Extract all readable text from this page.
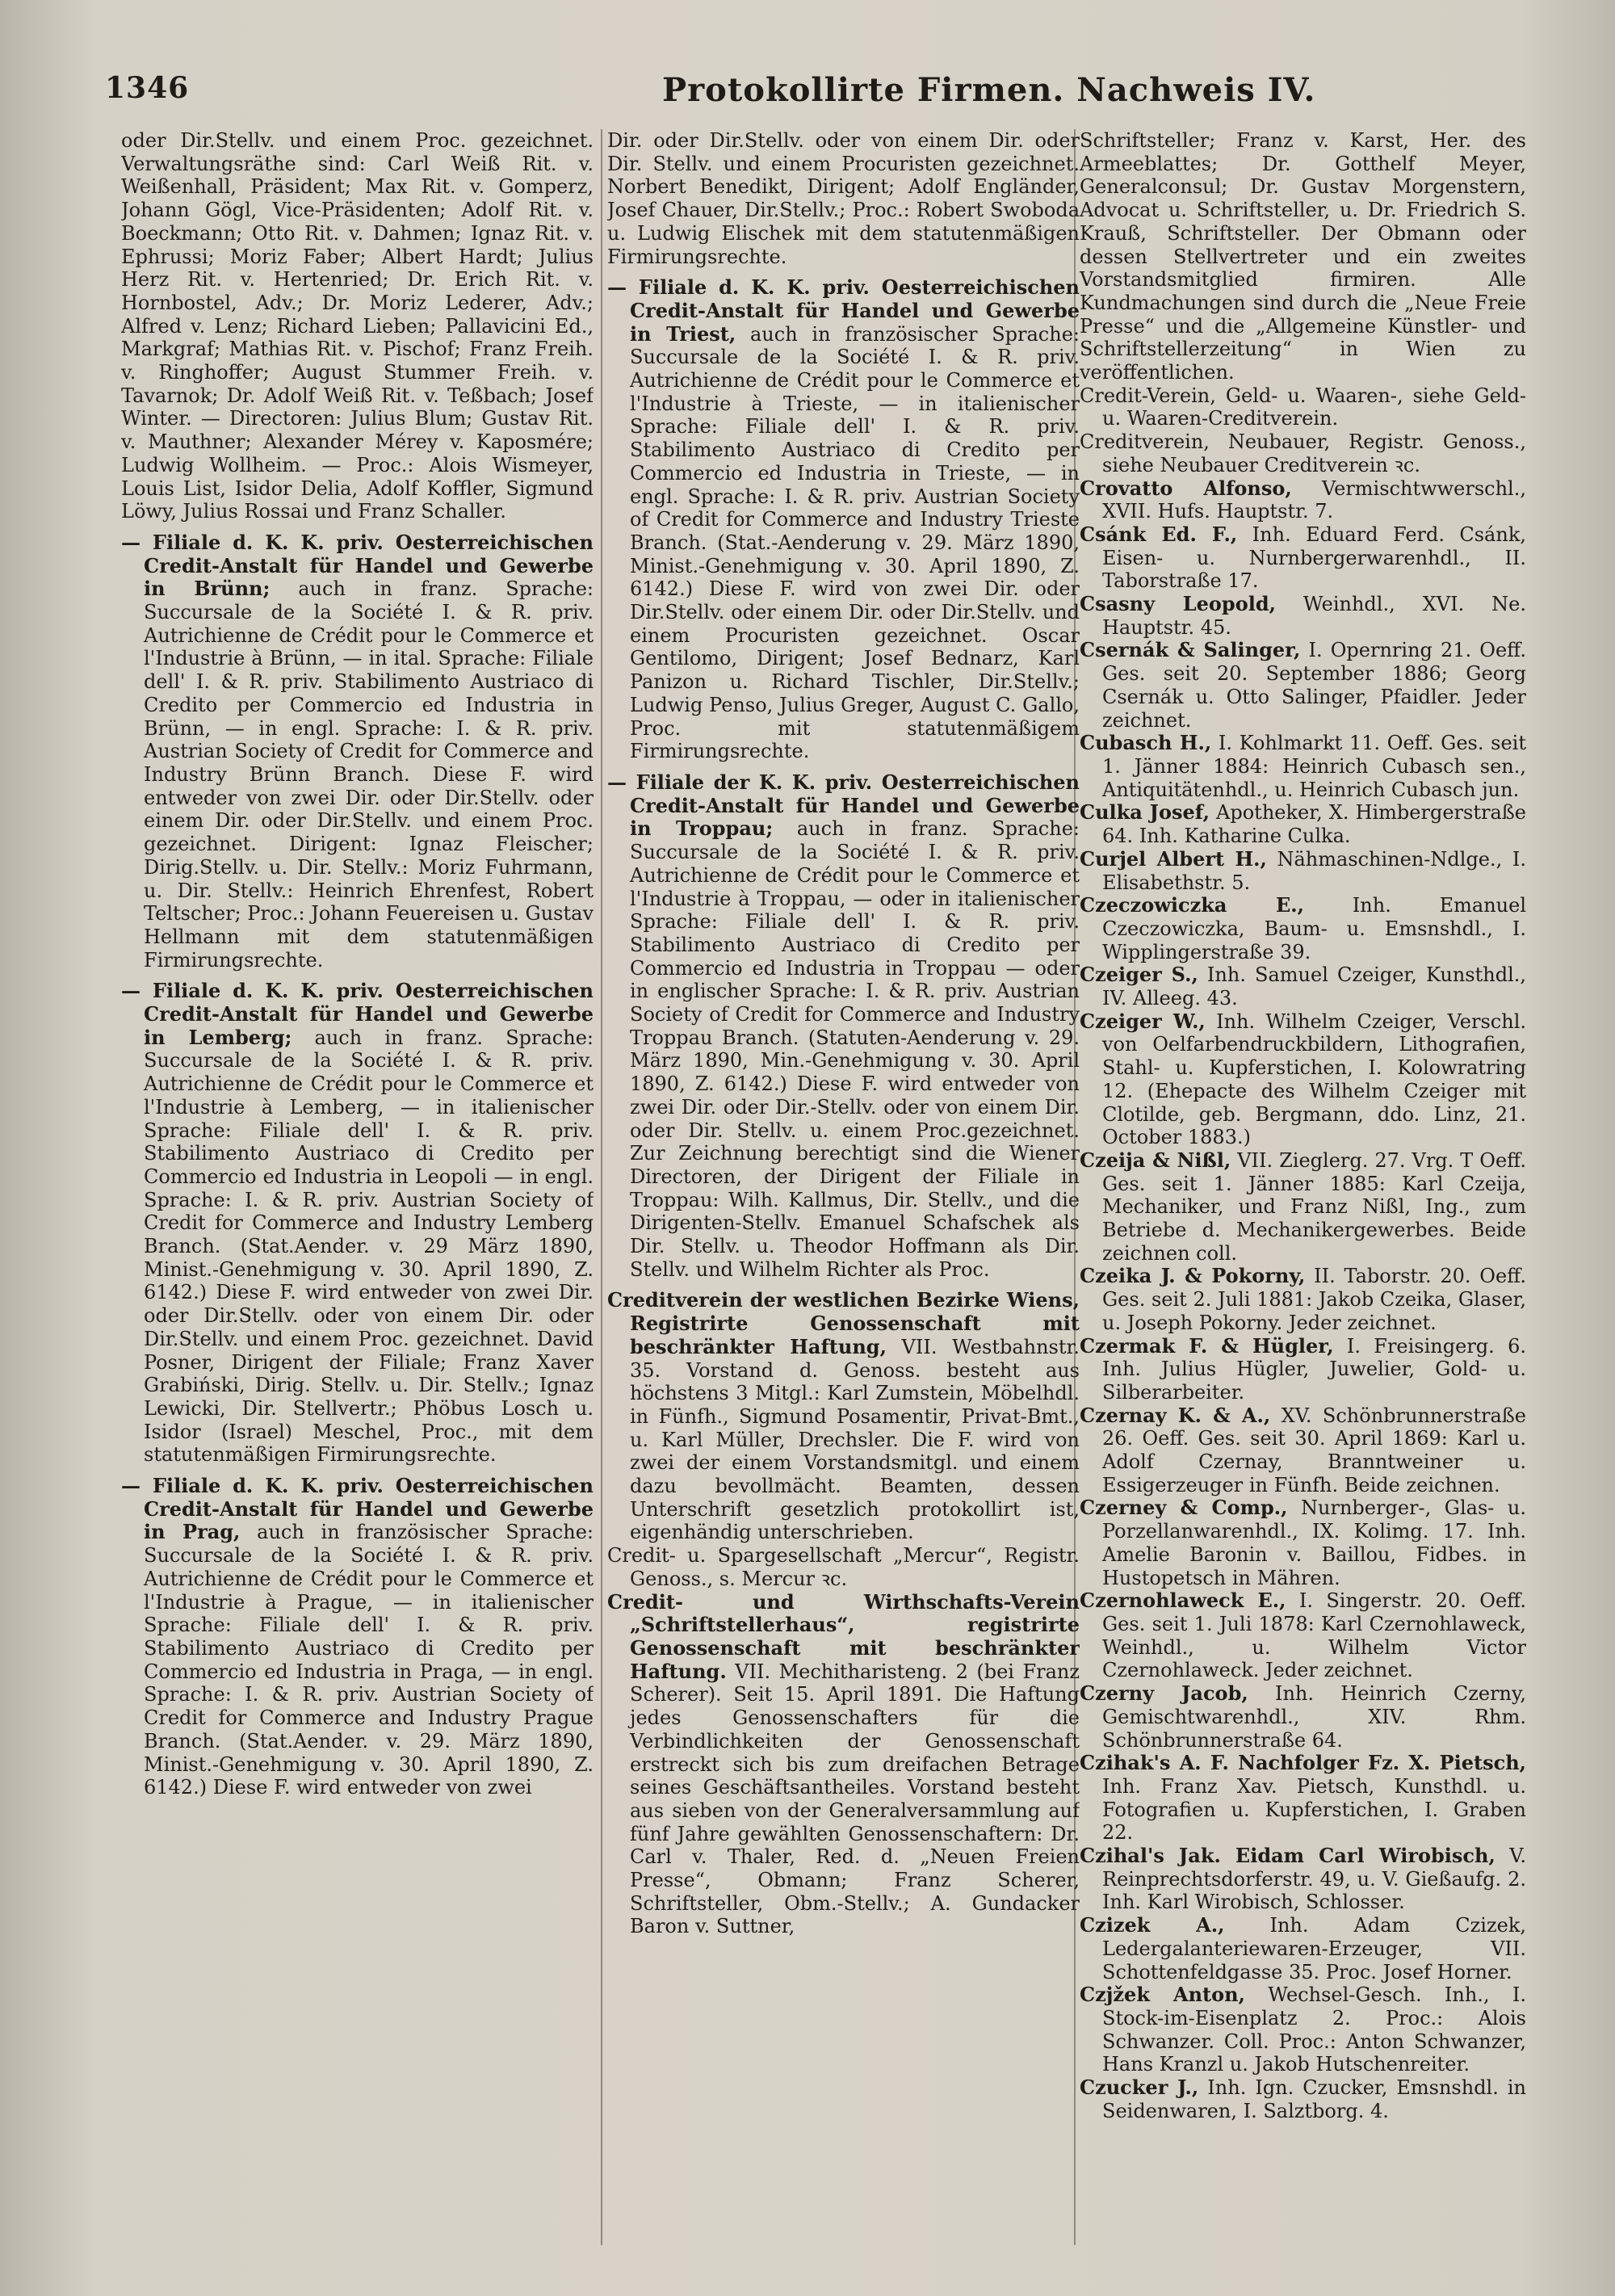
1346	Protokollirte Firmen. Nachweis IV.

oder Dir.Stellv. und einem Proc. gezeichnet. Verwaltungsräthe sind: Carl Weiß Rit. v. Weißenhall, Präsident; Max Rit. v. Gomperz, Johann Gögl, Vice-Präsidenten; Adolf Rit. v. Boeckmann; Otto Rit. v. Dahmen; Ignaz Rit. v. Ephrussi; Moriz Faber; Albert Hardt; Julius Herz Rit. v. Hertenried; Dr. Erich Rit. v. Hornbostel, Adv.; Dr. Moriz Lederer, Adv.; Alfred v. Lenz; Richard Lieben; Pallavicini Ed., Markgraf; Mathias Rit. v. Pischof; Franz Freih. v. Ringhoffer; August Stummer Freih. v. Tavarnok; Dr. Adolf Weiß Rit. v. Teßbach; Josef Winter. — Directoren: Julius Blum; Gustav Rit. v. Mauthner; Alexander Mérey v. Kaposmére; Ludwig Wollheim. — Proc.: Alois Wismeyer, Louis List, Isidor Delia, Adolf Koffler, Sigmund Löwy, Julius Rossai und Franz Schaller.

— Filiale d. K. K. priv. Oesterreichischen Credit-Anstalt für Handel und Gewerbe in Brünn; auch in franz. Sprache: Succursale de la Société I. & R. priv. Autrichienne de Crédit pour le Commerce et l'Industrie à Brünn, — in ital. Sprache: Filiale dell' I. & R. priv. Stabilimento Austriaco di Credito per Commercio ed Industria in Brünn, — in engl. Sprache: I. & R. priv. Austrian Society of Credit for Commerce and Industry Brünn Branch. Diese F. wird entweder von zwei Dir. oder Dir.Stellv. oder einem Dir. oder Dir.Stellv. und einem Proc. gezeichnet. Dirigent: Ignaz Fleischer; Dirig.Stellv. u. Dir. Stellv.: Moriz Fuhrmann, u. Dir. Stellv.: Heinrich Ehrenfest, Robert Teltscher; Proc.: Johann Feuereisen u. Gustav Hellmann mit dem statutenmäßigen Firmirungsrechte.

— Filiale d. K. K. priv. Oesterreichischen Credit-Anstalt für Handel und Gewerbe in Lemberg; auch in franz. Sprache: Succursale de la Société I. & R. priv. Autrichienne de Crédit pour le Commerce et l'Industrie à Lemberg, — in italienischer Sprache: Filiale dell' I. & R. priv. Stabilimento Austriaco di Credito per Commercio ed Industria in Leopoli — in engl. Sprache: I. & R. priv. Austrian Society of Credit for Commerce and Industry Lemberg Branch. (Stat.Aender. v. 29 März 1890, Minist.-Genehmigung v. 30. April 1890, Z. 6142.) Diese F. wird entweder von zwei Dir. oder Dir.Stellv. oder von einem Dir. oder Dir.Stellv. und einem Proc. gezeichnet. David Posner, Dirigent der Filiale; Franz Xaver Grabiński, Dirig. Stellv. u. Dir. Stellv.; Ignaz Lewicki, Dir. Stellvertr.; Phöbus Losch u. Isidor (Israel) Meschel, Proc., mit dem statutenmäßigen Firmirungsrechte.

— Filiale d. K. K. priv. Oesterreichischen Credit-Anstalt für Handel und Gewerbe in Prag, auch in französischer Sprache: Succursale de la Société I. & R. priv. Autrichienne de Crédit pour le Commerce et l'Industrie à Prague, — in italienischer Sprache: Filiale dell' I. & R. priv. Stabilimento Austriaco di Credito per Commercio ed Industria in Praga, — in engl. Sprache: I. & R. priv. Austrian Society of Credit for Commerce and Industry Prague Branch. (Stat.Aender. v. 29. März 1890, Minist.-Genehmigung v. 30. April 1890, Z. 6142.) Diese F. wird entweder von zwei

Dir. oder Dir.Stellv. oder von einem Dir. oder Dir. Stellv. und einem Procuristen gezeichnet. Norbert Benedikt, Dirigent; Adolf Engländer, Josef Chauer, Dir.Stellv.; Proc.: Robert Swoboda u. Ludwig Elischek mit dem statutenmäßigen Firmirungsrechte.

— Filiale d. K. K. priv. Oesterreichischen Credit-Anstalt für Handel und Gewerbe in Triest, auch in französischer Sprache: Succursale de la Société I. & R. priv. Autrichienne de Crédit pour le Commerce et l'Industrie à Trieste, — in italienischer Sprache: Filiale dell' I. & R. priv. Stabilimento Austriaco di Credito per Commercio ed Industria in Trieste, — in engl. Sprache: I. & R. priv. Austrian Society of Credit for Commerce and Industry Trieste Branch. (Stat.-Aenderung v. 29. März 1890, Minist.-Genehmigung v. 30. April 1890, Z. 6142.) Diese F. wird von zwei Dir. oder Dir.Stellv. oder einem Dir. oder Dir.Stellv. und einem Procuristen gezeichnet. Oscar Gentilomo, Dirigent; Josef Bednarz, Karl Panizon u. Richard Tischler, Dir.Stellv.; Ludwig Penso, Julius Greger, August C. Gallo, Proc. mit statutenmäßigem Firmirungsrechte.

— Filiale der K. K. priv. Oesterreichischen Credit-Anstalt für Handel und Gewerbe in Troppau; auch in franz. Sprache: Succursale de la Société I. & R. priv. Autrichienne de Crédit pour le Commerce et l'Industrie à Troppau, — oder in italienischer Sprache: Filiale dell' I. & R. priv. Stabilimento Austriaco di Credito per Commercio ed Industria in Troppau — oder in englischer Sprache: I. & R. priv. Austrian Society of Credit for Commerce and Industry Troppau Branch. (Statuten-Aenderung v. 29. März 1890, Min.-Genehmigung v. 30. April 1890, Z. 6142.) Diese F. wird entweder von zwei Dir. oder Dir.-Stellv. oder von einem Dir. oder Dir. Stellv. u. einem Proc.gezeichnet. Zur Zeichnung berechtigt sind die Wiener Directoren, der Dirigent der Filiale in Troppau: Wilh. Kallmus, Dir. Stellv., und die Dirigenten-Stellv. Emanuel Schafschek als Dir. Stellv. u. Theodor Hoffmann als Dir. Stellv. und Wilhelm Richter als Proc.

Creditverein der westlichen Bezirke Wiens, Registrirte Genossenschaft mit beschränkter Haftung, VII. Westbahnstr. 35. Vorstand d. Genoss. besteht aus höchstens 3 Mitgl.: Karl Zumstein, Möbelhdl. in Fünfh., Sigmund Posamentir, Privat-Bmt., u. Karl Müller, Drechsler. Die F. wird von zwei der einem Vorstandsmitgl. und einem dazu bevollmächt. Beamten, dessen Unterschrift gesetzlich protokollirt ist, eigenhändig unterschrieben.

Credit- u. Spargesellschaft „Mercur“, Registr. Genoss., s. Mercur ꝛc.

Credit- und Wirthschafts-Verein „Schriftstellerhaus“, registrirte Genossenschaft mit beschränkter Haftung. VII. Mechitharisteng. 2 (bei Franz Scherer). Seit 15. April 1891. Die Haftung jedes Genossenschafters für die Verbindlichkeiten der Genossenschaft erstreckt sich bis zum dreifachen Betrage seines Geschäftsantheiles. Vorstand besteht aus sieben von der Generalversammlung auf fünf Jahre gewählten Genossenschaftern: Dr. Carl v. Thaler, Red. d. „Neuen Freien Presse“, Obmann; Franz Scherer, Schriftsteller, Obm.-Stellv.; A. Gundacker Baron v. Suttner,

Schriftsteller; Franz v. Karst, Her. des Armeeblattes; Dr. Gotthelf Meyer, Generalconsul; Dr. Gustav Morgenstern, Advocat u. Schriftsteller, u. Dr. Friedrich S. Krauß, Schriftsteller. Der Obmann oder dessen Stellvertreter und ein zweites Vorstandsmitglied firmiren. Alle Kundmachungen sind durch die „Neue Freie Presse“ und die „Allgemeine Künstler- und Schriftstellerzeitung“ in Wien zu veröffentlichen.

Credit-Verein, Geld- u. Waaren-, siehe Geld- u. Waaren-Creditverein.

Creditverein, Neubauer, Registr. Genoss., siehe Neubauer Creditverein ꝛc.

Crovatto Alfonso, Vermischtwwerschl., XVII. Hufs. Hauptstr. 7.

Csánk Ed. F., Inh. Eduard Ferd. Csánk, Eisen- u. Nurnbergerwarenhdl., II. Taborstraße 17.

Csasny Leopold, Weinhdl., XVI. Ne. Hauptstr. 45.

Csernák & Salinger, I. Opernring 21. Oeff. Ges. seit 20. September 1886; Georg Csernák u. Otto Salinger, Pfaidler. Jeder zeichnet.

Cubasch H., I. Kohlmarkt 11. Oeff. Ges. seit 1. Jänner 1884: Heinrich Cubasch sen., Antiquitätenhdl., u. Heinrich Cubasch jun.

Culka Josef, Apotheker, X. Himbergerstraße 64. Inh. Katharine Culka.

Curjel Albert H., Nähmaschinen-Ndlge., I. Elisabethstr. 5.

Czeczowiczka E., Inh. Emanuel Czeczowiczka, Baum- u. Emsnshdl., I. Wipplingerstraße 39.

Czeiger S., Inh. Samuel Czeiger, Kunsthdl., IV. Alleeg. 43.

Czeiger W., Inh. Wilhelm Czeiger, Verschl. von Oelfarbendruckbildern, Lithografien, Stahl- u. Kupferstichen, I. Kolowratring 12. (Ehepacte des Wilhelm Czeiger mit Clotilde, geb. Bergmann, ddo. Linz, 21. October 1883.)

Czeija & Nißl, VII. Zieglerg. 27. Vrg. T Oeff. Ges. seit 1. Jänner 1885: Karl Czeija, Mechaniker, und Franz Nißl, Ing., zum Betriebe d. Mechanikergewerbes. Beide zeichnen coll.

Czeika J. & Pokorny, II. Taborstr. 20. Oeff. Ges. seit 2. Juli 1881: Jakob Czeika, Glaser, u. Joseph Pokorny. Jeder zeichnet.

Czermak F. & Hügler, I. Freisingerg. 6. Inh. Julius Hügler, Juwelier, Gold- u. Silberarbeiter.

Czernay K. & A., XV. Schönbrunnerstraße 26. Oeff. Ges. seit 30. April 1869: Karl u. Adolf Czernay, Branntweiner u. Essigerzeuger in Fünfh. Beide zeichnen.

Czerney & Comp., Nurnberger-, Glas- u. Porzellanwarenhdl., IX. Kolimg. 17. Inh. Amelie Baronin v. Baillou, Fidbes. in Hustopetsch in Mähren.

Czernohlaweck E., I. Singerstr. 20. Oeff. Ges. seit 1. Juli 1878: Karl Czernohlaweck, Weinhdl., u. Wilhelm Victor Czernohlaweck. Jeder zeichnet.

Czerny Jacob, Inh. Heinrich Czerny, Gemischtwarenhdl., XIV. Rhm. Schönbrunnerstraße 64.

Czihak's A. F. Nachfolger Fz. X. Pietsch, Inh. Franz Xav. Pietsch, Kunsthdl. u. Fotografien u. Kupferstichen, I. Graben 22.

Czihal's Jak. Eidam Carl Wirobisch, V. Reinprechtsdorferstr. 49, u. V. Gießaufg. 2. Inh. Karl Wirobisch, Schlosser.

Czizek A., Inh. Adam Czizek, Ledergalanteriewaren-Erzeuger, VII. Schottenfeldgasse 35. Proc. Josef Horner.

Czjžek Anton, Wechsel-Gesch. Inh., I. Stock-im-Eisenplatz 2. Proc.: Alois Schwanzer. Coll. Proc.: Anton Schwanzer, Hans Kranzl u. Jakob Hutschenreiter.

Czucker J., Inh. Ign. Czucker, Emsnshdl. in Seidenwaren, I. Salztborg. 4.
